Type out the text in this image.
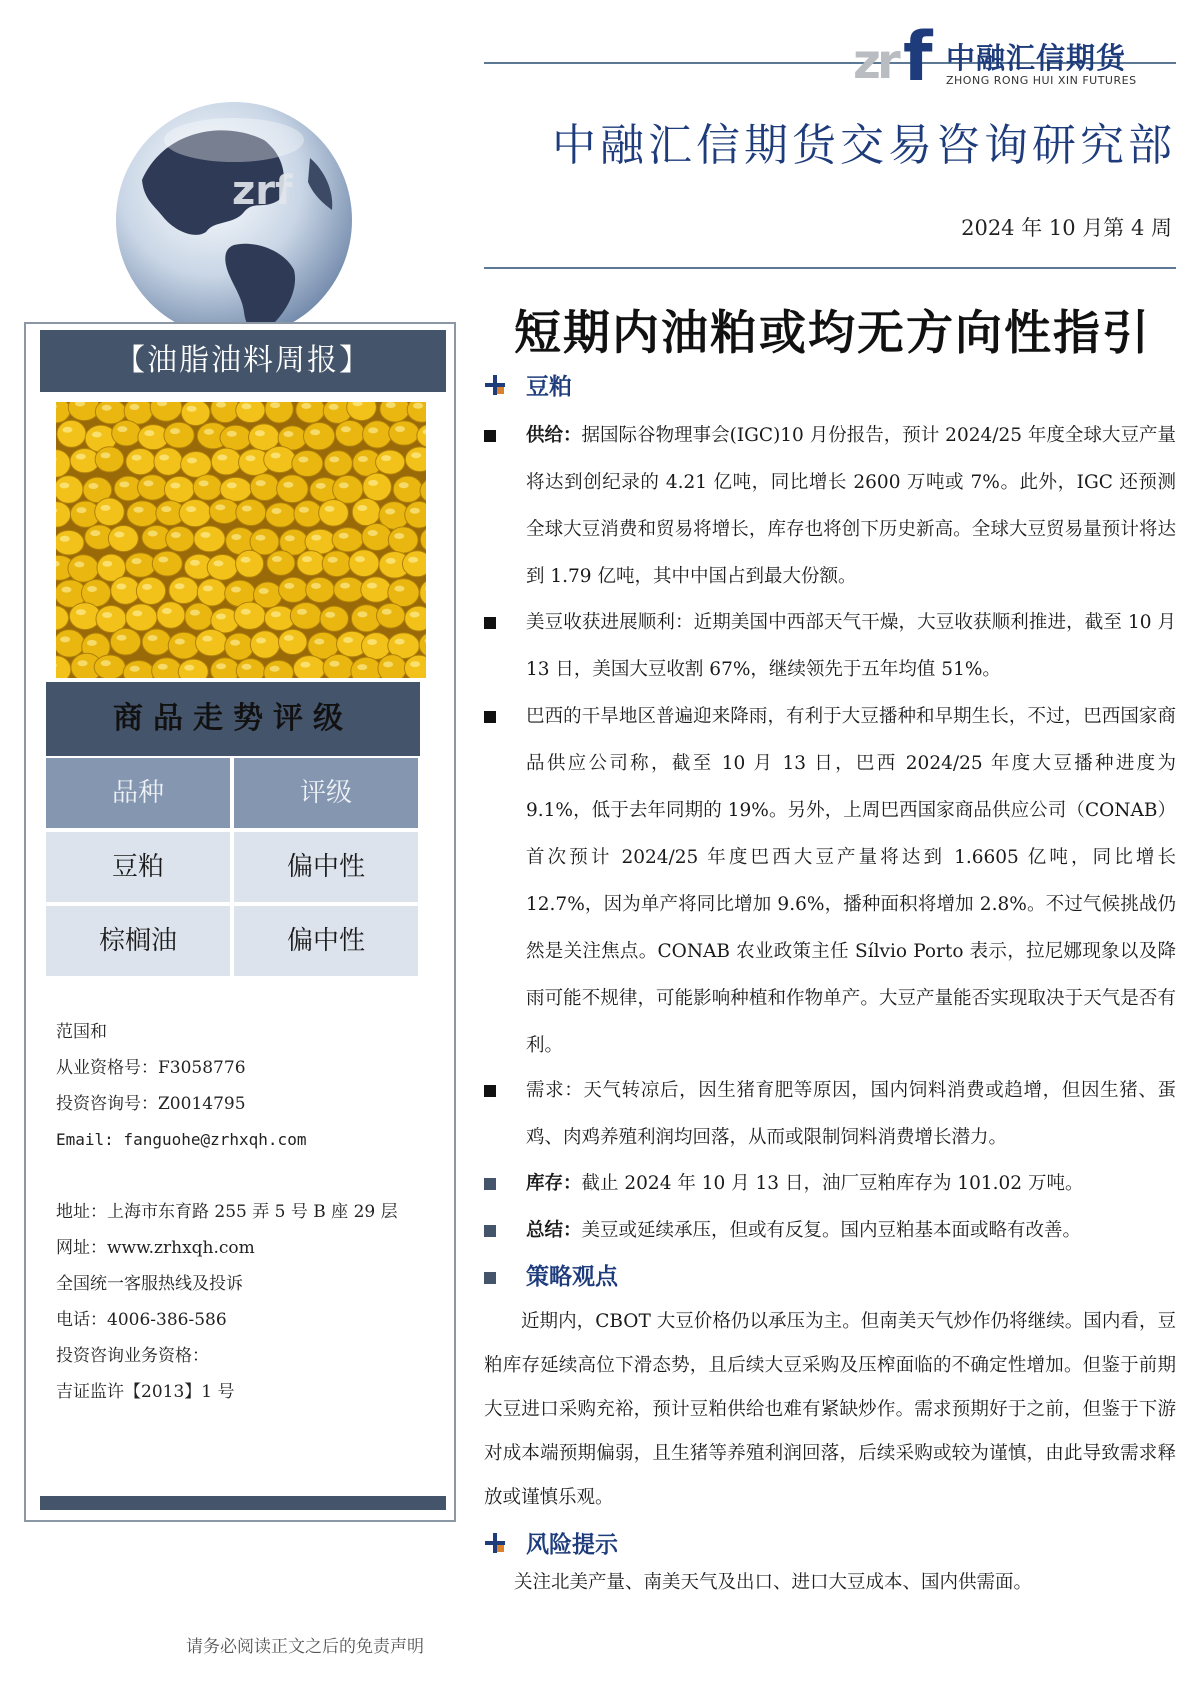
zr f 中融汇信期货
ZHONG RONG HUI XIN FUTURES
中融汇信期货交易咨询研究部
2024 年 10 月第 4 周
zrf
【油脂油料周报】
商品走势评级
品种	评级
豆粕	偏中性
棕榈油	偏中性
范国和
从业资格号：F3058776
投资咨询号：Z0014795
Email: fanguohe@zrhxqh.com
地址：上海市东育路 255 弄 5 号 B 座 29 层
网址：www.zrhxqh.com
全国统一客服热线及投诉
电话：4006-386-586
投资咨询业务资格：
吉证监许【2013】1 号
请务必阅读正文之后的免责声明
短期内油粕或均无方向性指引
豆粕
供给：据国际谷物理事会(IGC)10 月份报告，预计 2024/25 年度全球大豆产量将达到创纪录的 4.21 亿吨，同比增长 2600 万吨或 7%。此外，IGC 还预测全球大豆消费和贸易将增长，库存也将创下历史新高。全球大豆贸易量预计将达到 1.79 亿吨，其中中国占到最大份额。
美豆收获进展顺利：近期美国中西部天气干燥，大豆收获顺利推进，截至 10 月 13 日，美国大豆收割 67%，继续领先于五年均值 51%。
巴西的干旱地区普遍迎来降雨，有利于大豆播种和早期生长，不过，巴西国家商品供应公司称，截至 10 月 13 日，巴西 2024/25 年度大豆播种进度为 9.1%，低于去年同期的 19%。另外，上周巴西国家商品供应公司（CONAB）首次预计 2024/25 年度巴西大豆产量将达到 1.6605 亿吨，同比增长 12.7%，因为单产将同比增加 9.6%，播种面积将增加 2.8%。不过气候挑战仍然是关注焦点。CONAB 农业政策主任 Sílvio Porto 表示，拉尼娜现象以及降雨可能不规律，可能影响种植和作物单产。大豆产量能否实现取决于天气是否有利。
需求：天气转凉后，因生猪育肥等原因，国内饲料消费或趋增，但因生猪、蛋鸡、肉鸡养殖利润均回落，从而或限制饲料消费增长潜力。
库存：截止 2024 年 10 月 13 日，油厂豆粕库存为 101.02 万吨。
总结：美豆或延续承压，但或有反复。国内豆粕基本面或略有改善。
策略观点
近期内，CBOT 大豆价格仍以承压为主。但南美天气炒作仍将继续。国内看，豆粕库存延续高位下滑态势，且后续大豆采购及压榨面临的不确定性增加。但鉴于前期大豆进口采购充裕，预计豆粕供给也难有紧缺炒作。需求预期好于之前，但鉴于下游对成本端预期偏弱，且生猪等养殖利润回落，后续采购或较为谨慎，由此导致需求释放或谨慎乐观。
风险提示
关注北美产量、南美天气及出口、进口大豆成本、国内供需面。
